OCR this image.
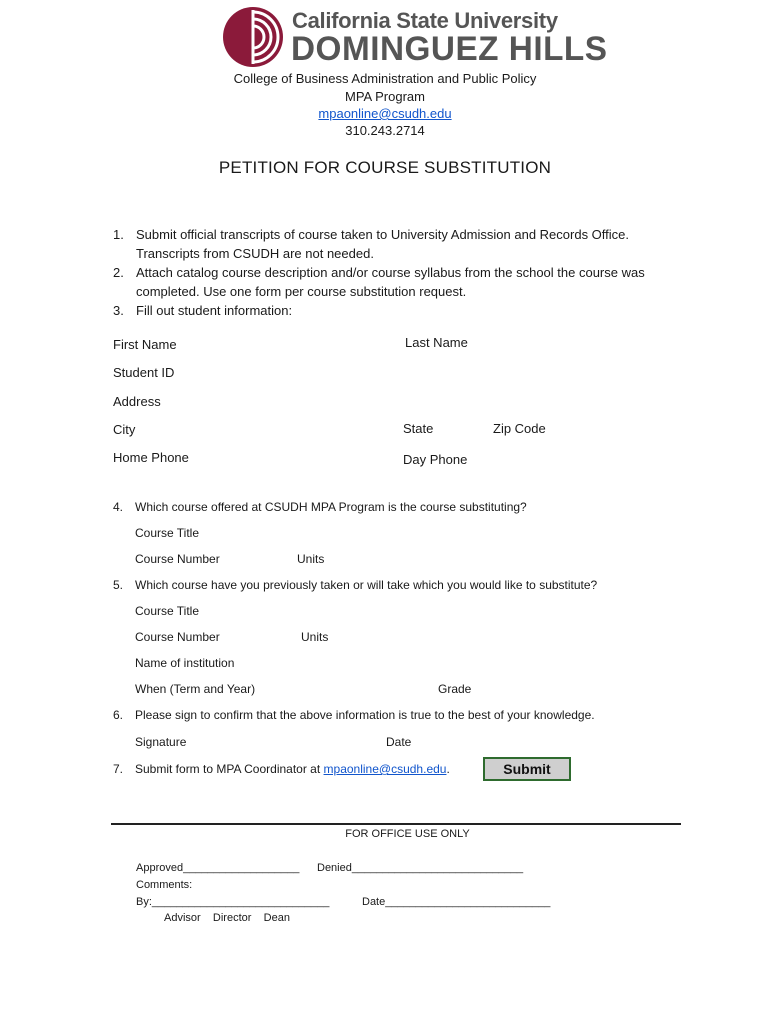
California State University
DOMINGUEZ HILLS
College of Business Administration and Public Policy
MPA Program
mpaonline@csudh.edu
310.243.2714
PETITION FOR COURSE SUBSTITUTION
1. Submit official transcripts of course taken to University Admission and Records Office.
Transcripts from CSUDH are not needed.
2. Attach catalog course description and/or course syllabus from the school the course was
completed. Use one form per course substitution request.
3. Fill out student information:
First Name	Last Name
Student ID
Address
City	State	Zip Code
Home Phone	Day Phone
4. Which course offered at CSUDH MPA Program is the course substituting?
Course Title
Course Number	Units
5. Which course have you previously taken or will take which you would like to substitute?
Course Title
Course Number	Units
Name of institution
When (Term and Year)	Grade
6. Please sign to confirm that the above information is true to the best of your knowledge.
Signature	Date
7. Submit form to MPA Coordinator at mpaonline@csudh.edu.	Submit
FOR OFFICE USE ONLY
Approved___________________ Denied____________________________
Comments:
By:_____________________________	Date___________________________
Advisor    Director    Dean
